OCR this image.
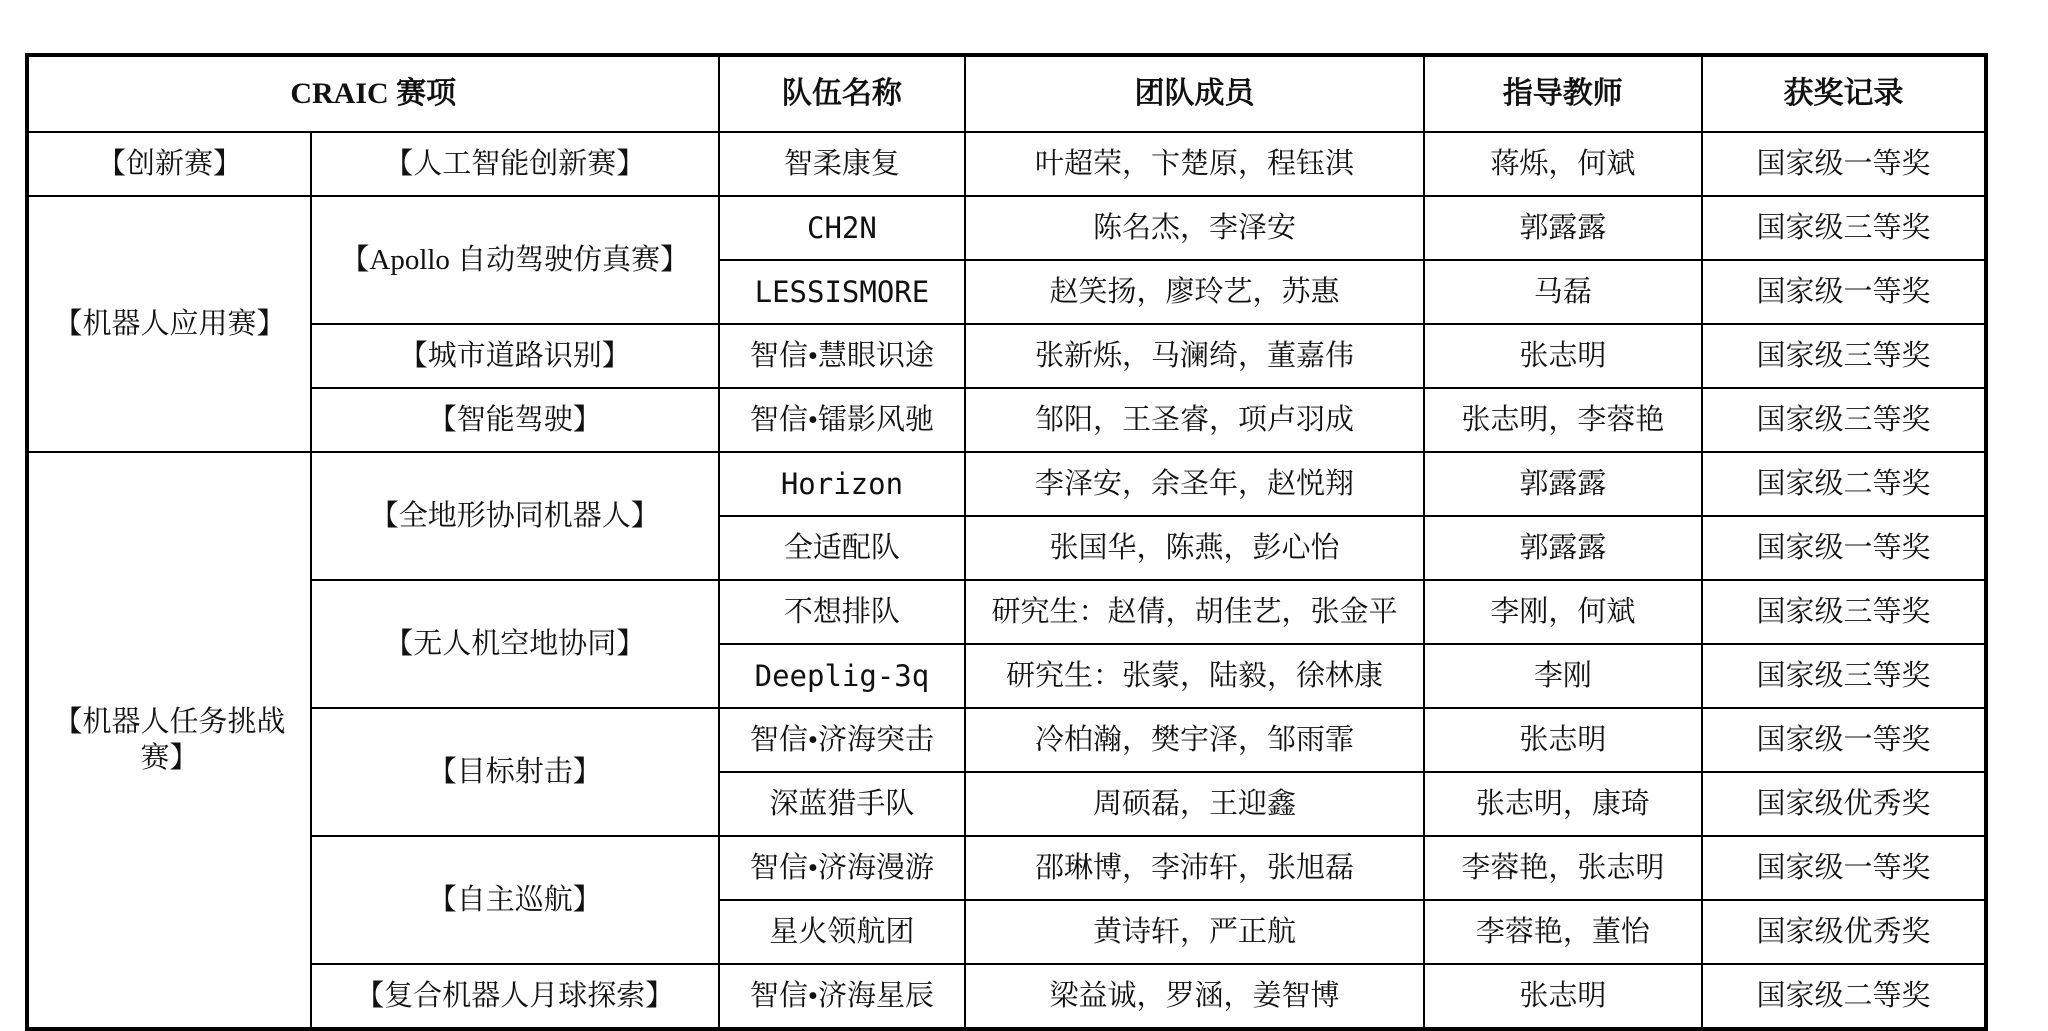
CRAIC 赛项		队伍名称	团队成员	指导教师	获奖记录
【创新赛】	【人工智能创新赛】	智柔康复	叶超荣，卞楚原，程钰淇	蒋烁，何斌	国家级一等奖
【机器人应用赛】	【Apollo 自动驾驶仿真赛】	CH2N	陈名杰，李泽安	郭露露	国家级三等奖
		LESSISMORE	赵笑扬，廖玲艺，苏惠	马磊	国家级一等奖
	【城市道路识别】	智信•慧眼识途	张新烁，马澜绮，董嘉伟	张志明	国家级三等奖
	【智能驾驶】	智信•镭影风驰	邹阳，王圣睿，项卢羽成	张志明，李蓉艳	国家级三等奖
【机器人任务挑战赛】	【全地形协同机器人】	Horizon	李泽安，余圣年，赵悦翔	郭露露	国家级二等奖
		全适配队	张国华，陈燕，彭心怡	郭露露	国家级一等奖
	【无人机空地协同】	不想排队	研究生：赵倩，胡佳艺，张金平	李刚，何斌	国家级三等奖
		Deeplig-3q	研究生：张蒙，陆毅，徐林康	李刚	国家级三等奖
	【目标射击】	智信•济海突击	冷柏瀚，樊宇泽，邹雨霏	张志明	国家级一等奖
		深蓝猎手队	周硕磊，王迎鑫	张志明，康琦	国家级优秀奖
	【自主巡航】	智信•济海漫游	邵琳博，李沛轩，张旭磊	李蓉艳，张志明	国家级一等奖
		星火领航团	黄诗轩，严正航	李蓉艳，董怡	国家级优秀奖
	【复合机器人月球探索】	智信•济海星辰	梁益诚，罗涵，姜智博	张志明	国家级二等奖
